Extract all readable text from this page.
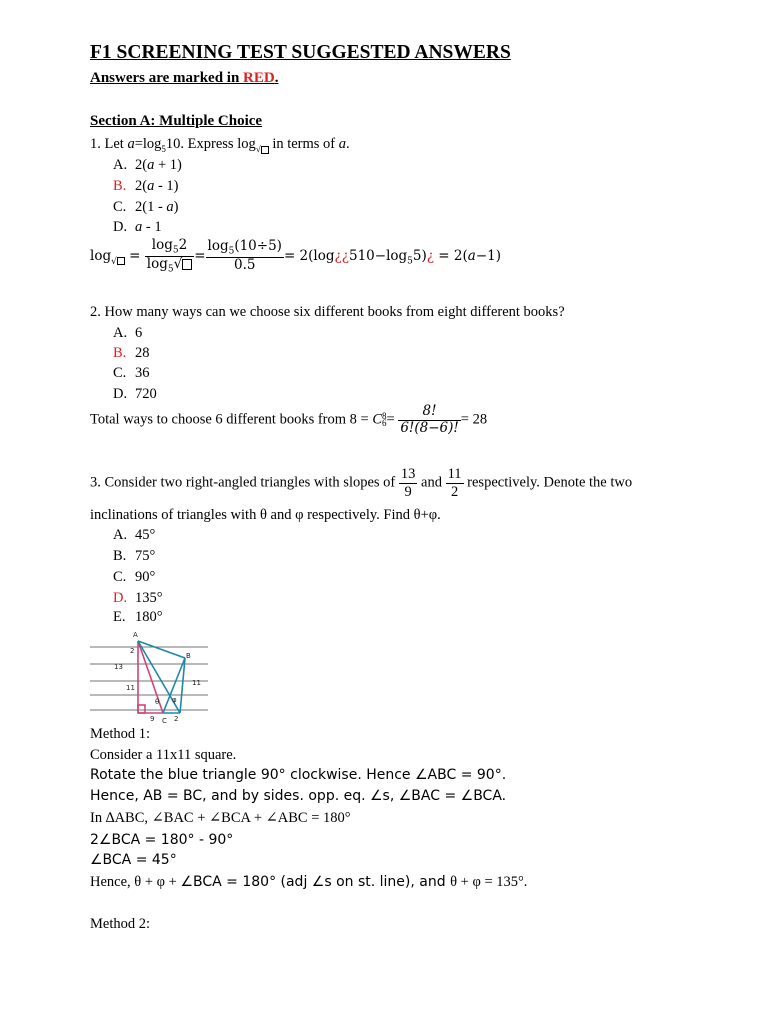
F1 SCREENING TEST SUGGESTED ANSWERS
Answers are marked in RED.
Section A: Multiple Choice
1. Let $a=\log_510$. Express $\log_√$ in terms of a.
A. 2(a + 1)
B. 2(a - 1)
C. 2(1 - a)
D. a - 1
$\log_√ = \frac{\log_52}{\log_5√} = \frac{\log_5(10\div 5)}{0.5}$ = $2(\log¿¿510-\log_55)¿ = 2(a-1)$
2. How many ways can we choose six different books from eight different books?
A. 6
B. 28
C. 36
D. 720
Total ways to choose 6 different books from 8 = C 8
$6 = \frac{8!}{6!(8-6)!} = 28$
3. Consider two right-angled triangles with slopes of $\frac{13}{9}$ and $\frac{11}{2}$ respectively. Denote the two
inclinations of triangles with θ and φ respectively. Find θ+φ.
A. 45°
B. 75°
C. 90°
D. 135°
E. 180°
A
B
C
13
11
9	2
2
11
θ φ
Method 1:
Consider a 11x11 square.
Rotate the blue triangle 90° clockwise. Hence ∠ABC = 90°.
Hence, AB = BC, and by sides. opp. eq. ∠s, ∠BAC = ∠BCA.
In ∆ABC, ∠BAC + ∠BCA + ∠ABC = 180°
2∠BCA = 180° - 90°
∠BCA = 45°
Hence, θ + φ + ∠BCA = 180° (adj ∠s on st. line), and θ + φ = 135°.
Method 2:
